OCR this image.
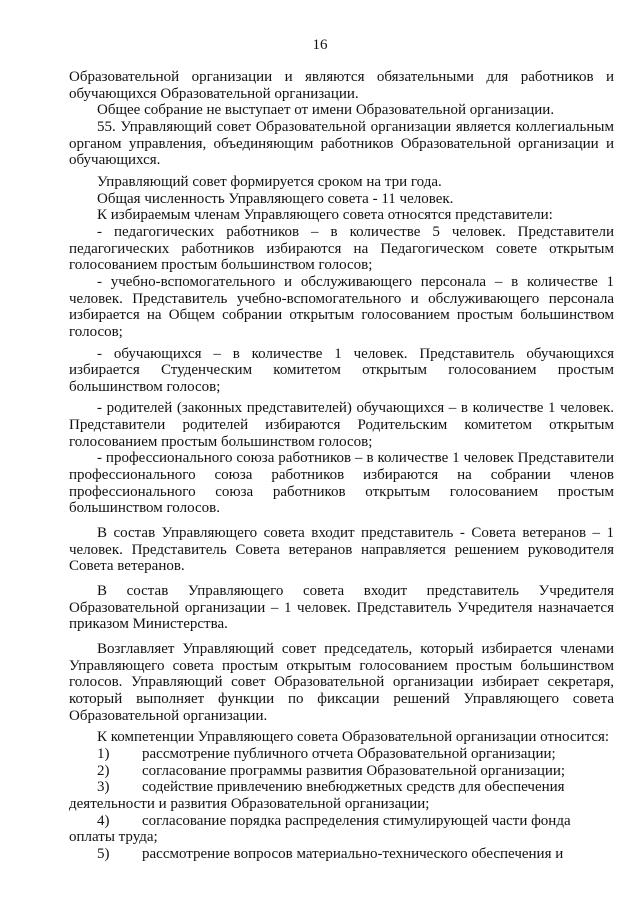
16

Образовательной организации и являются обязательными для работников и обучающихся Образовательной организации.

Общее собрание не выступает от имени Образовательной организации.

55. Управляющий совет Образовательной организации является коллегиальным органом управления, объединяющим работников Образовательной организации и обучающихся.

Управляющий совет формируется сроком на три года.

Общая численность Управляющего совета - 11 человек.

К избираемым членам Управляющего совета относятся представители:

- педагогических работников – в количестве 5 человек. Представители педагогических работников избираются на Педагогическом совете открытым голосованием простым большинством голосов;

- учебно-вспомогательного и обслуживающего персонала – в количестве 1 человек. Представитель учебно-вспомогательного и обслуживающего персонала избирается на Общем собрании открытым голосованием простым большинством голосов;

- обучающихся – в количестве 1 человек. Представитель обучающихся избирается Студенческим комитетом открытым голосованием простым большинством голосов;

- родителей (законных представителей) обучающихся – в количестве 1 человек. Представители родителей избираются Родительским комитетом открытым голосованием простым большинством голосов;

- профессионального союза работников – в количестве 1 человек Представители профессионального союза работников избираются на собрании членов профессионального союза работников открытым голосованием простым большинством голосов.

В состав Управляющего совета входит представитель - Совета ветеранов – 1 человек. Представитель Совета ветеранов направляется решением руководителя Совета ветеранов.

В состав Управляющего совета входит представитель Учредителя Образовательной организации – 1 человек. Представитель Учредителя назначается приказом Министерства.

Возглавляет Управляющий совет председатель, который избирается членами Управляющего совета простым открытым голосованием простым большинством голосов. Управляющий совет Образовательной организации избирает секретаря, который выполняет функции по фиксации решений Управляющего совета Образовательной организации.

К компетенции Управляющего совета Образовательной организации относится:

1)	рассмотрение публичного отчета Образовательной организации;
2)	согласование программы развития Образовательной организации;
3)	содействие привлечению внебюджетных средств для обеспечения

деятельности и развития Образовательной организации;

4)	согласование порядка распределения стимулирующей части фонда

оплаты труда;

5)	рассмотрение вопросов материально-технического обеспечения и
